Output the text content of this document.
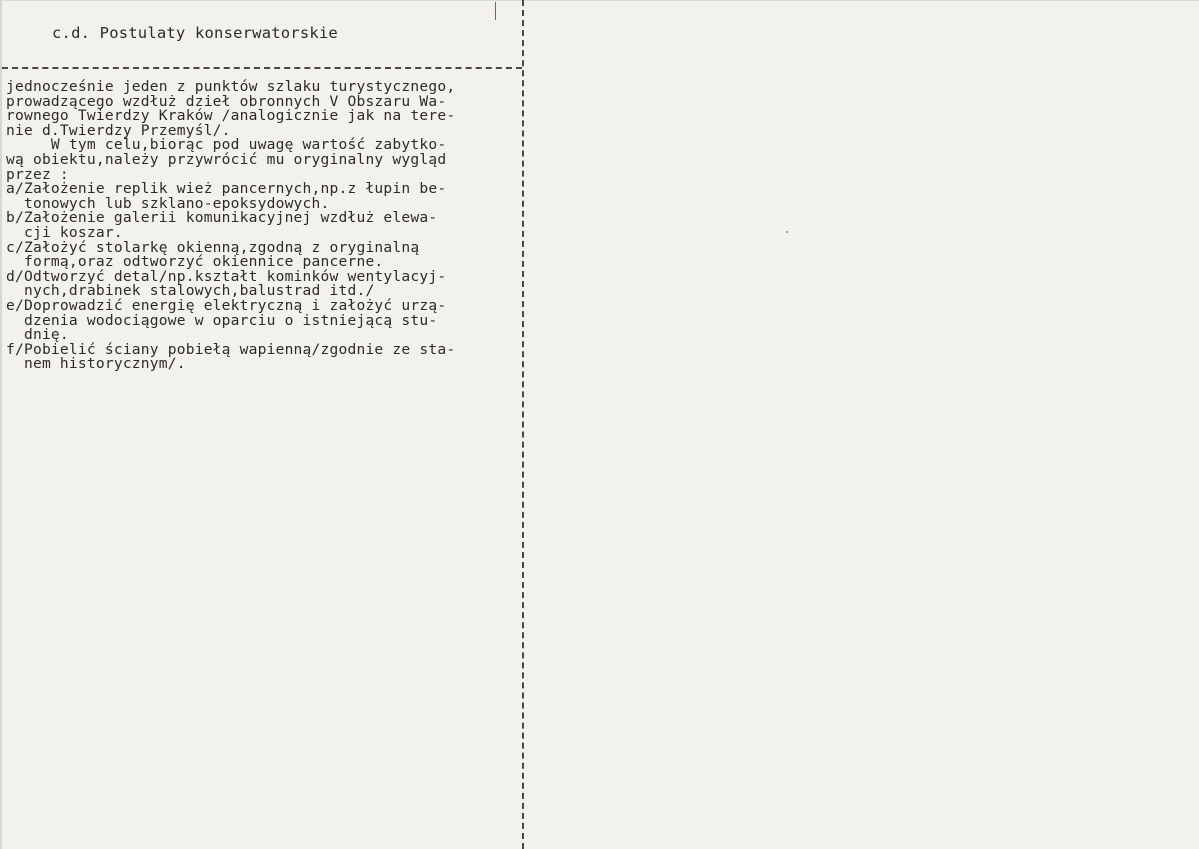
c.d. Postulaty konserwatorskie
jednocześnie jeden z punktów szlaku turystycznego,
prowadzącego wzdłuż dzieł obronnych V Obszaru Wa-
rownego Twierdzy Kraków /analogicznie jak na tere-
nie d.Twierdzy Przemyśl/.
W tym celu,biorąc pod uwagę wartość zabytko-
wą obiektu,należy przywrócić mu oryginalny wygląd
przez :
a/Założenie replik wież pancernych,np.z łupin be-
tonowych lub szklano-epoksydowych.
b/Założenie galerii komunikacyjnej wzdłuż elewa-
cji koszar.
c/Założyć stolarkę okienną,zgodną z oryginalną
formą,oraz odtworzyć okiennice pancerne.
d/Odtworzyć detal/np.kształt kominków wentylacyj-
nych,drabinek stalowych,balustrad itd./
e/Doprowadzić energię elektryczną i założyć urzą-
dzenia wodociągowe w oparciu o istniejącą stu-
dnię.
f/Pobielić ściany pobiełą wapienną/zgodnie ze sta-
nem historycznym/.
